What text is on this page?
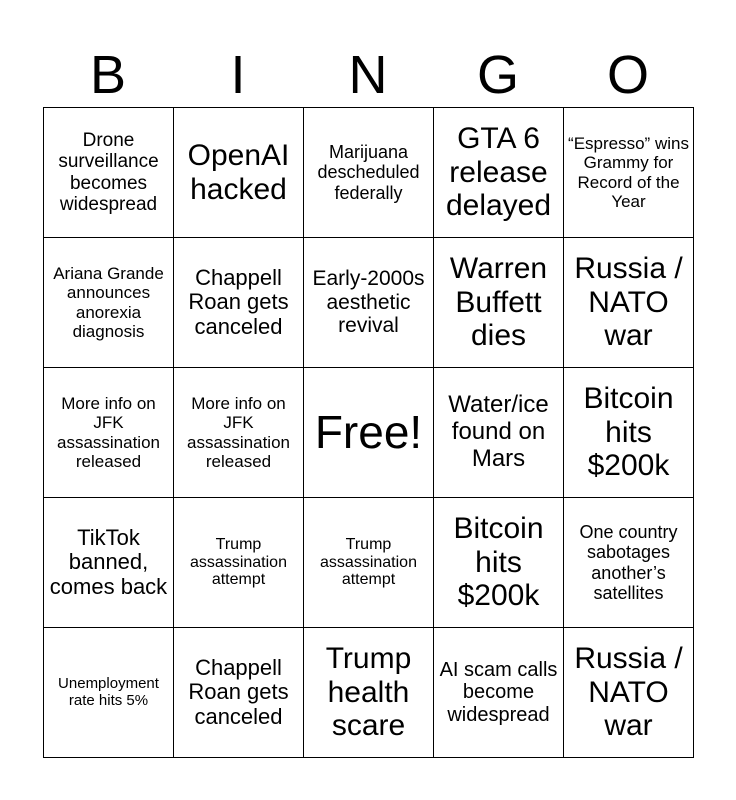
B	I	N	G	O
Drone surveillance becomes widespread	OpenAI hacked	Marijuana descheduled federally	GTA 6 release delayed	“Espresso” wins Grammy for Record of the Year

Ariana Grande announces anorexia diagnosis	Chappell Roan gets canceled	Early-2000s aesthetic revival	Warren Buffett dies	Russia / NATO war

More info on JFK assassination released	More info on JFK assassination released	Free!	Water/ice found on Mars	Bitcoin hits $200k

TikTok banned, comes back	Trump assassination attempt	Trump assassination attempt	Bitcoin hits $200k	One country sabotages another’s satellites

Unemployment rate hits 5%	Chappell Roan gets canceled	Trump health scare	AI scam calls become widespread	Russia / NATO war
